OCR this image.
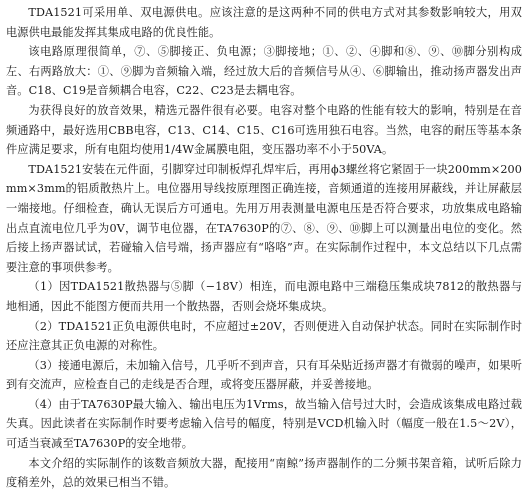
TDA1521可采用单、双电源供电。应该注意的是这两种不同的供电方式对其参数影响较大，用双电源供电最能发挥其集成电路的优良性能。

该电路原理很简单，⑦、⑤脚接正、负电源；③脚接地；①、②、④脚和⑧、⑨、⑩脚分别构成左、右两路放大：①、⑨脚为音频输入端，经过放大后的音频信号从④、⑥脚输出，推动扬声器发出声音。C18、C19是音频耦合电容，C22、C23是去耦电容。

为获得良好的放音效果，精选元器件很有必要。电容对整个电路的性能有较大的影响，特别是在音频通路中，最好选用CBB电容，C13、C14、C15、C16可选用独石电容。当然，电容的耐压等基本条件应满足要求，所有电阻均使用1/4W金属膜电阻，变压器功率不小于50VA。

TDA1521安装在元件面，引脚穿过印制板焊孔焊牢后，再用ϕ3螺丝将它紧固于一块200mm×200mm×3mm的铝质散热片上。电位器用导线按原理图正确连接，音频通道的连接用屏蔽线，并让屏蔽层一端接地。仔细检查，确认无误后方可通电。先用万用表测量电源电压是否符合要求，功放集成电路输出点直流电位几乎为0V，调节电位器，在TA7630P的⑦、⑧、⑨、⑩脚上可以测量出电位的变化。然后接上扬声器试试，若碰输入信号端，扬声器应有“咯咯”声。在实际制作过程中，本文总结以下几点需要注意的事项供参考。

（1）因TDA1521散热器与⑤脚（−18V）相连，而电源电路中三端稳压集成块7812的散热器与地相通，因此不能图方便而共用一个散热器，否则会烧坏集成块。

（2）TDA1521正负电源供电时，不应超过±20V，否则便进入自动保护状态。同时在实际制作时还应注意其正负电源的对称性。

（3）接通电源后，未加输入信号，几乎听不到声音，只有耳朵贴近扬声器才有微弱的噪声，如果听到有交流声，应检查自己的走线是否合理，或将变压器屏蔽，并妥善接地。

（4）由于TA7630P最大输入、输出电压为1Vrms，故当输入信号过大时，会造成该集成电路过载失真。因此读者在实际制作时要考虑输入信号的幅度，特别是VCD机输入时（幅度一般在1.5～2V），可适当衰减至TA7630P的安全地带。

本文介绍的实际制作的该数音频放大器，配接用“南鲸”扬声器制作的二分频书架音箱，试听后除力度稍差外，总的效果已相当不错。
